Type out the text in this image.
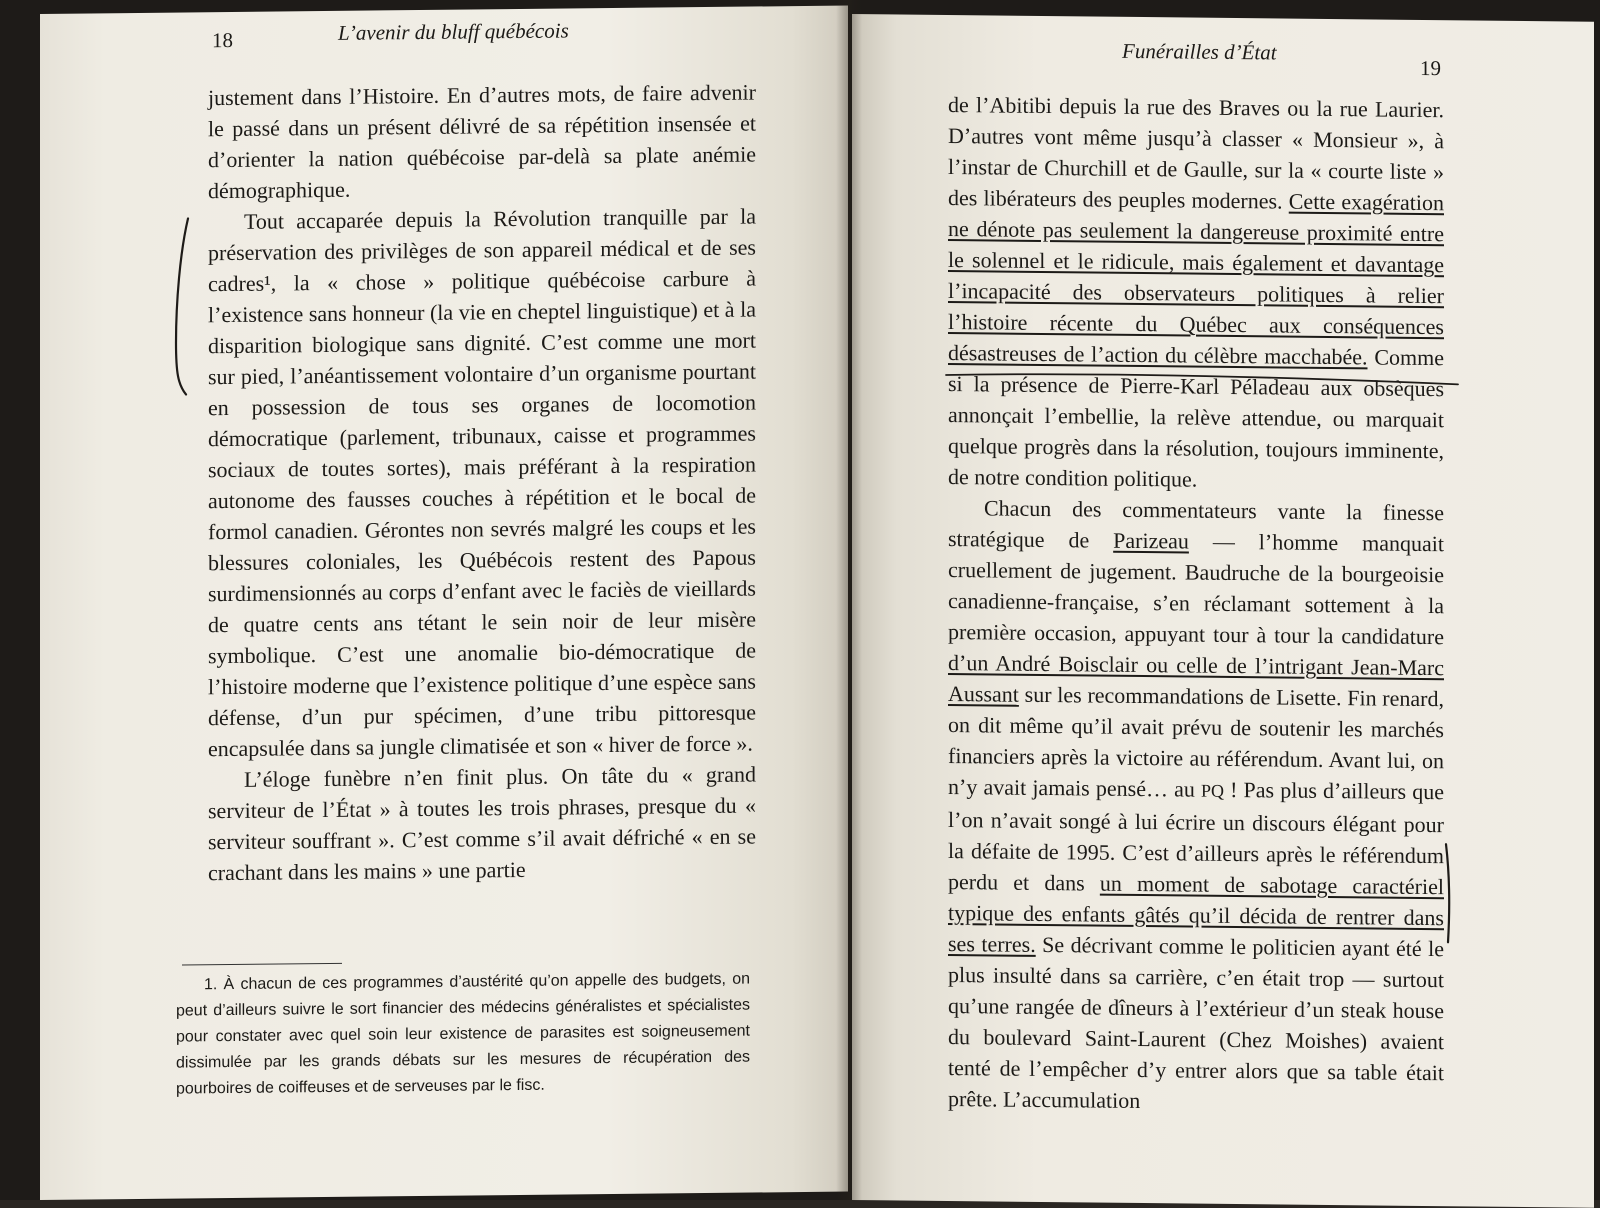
18	L’avenir du bluff québécois

justement dans l’Histoire. En d’autres mots, de faire advenir le passé dans un présent délivré de sa répétition insensée et d’orienter la nation québécoise par-delà sa plate anémie démographique.

Tout accaparée depuis la Révolution tranquille par la préservation des privilèges de son appareil médical et de ses cadres¹, la « chose » politique québécoise carbure à l’existence sans honneur (la vie en cheptel linguistique) et à la disparition biologique sans dignité. C’est comme une mort sur pied, l’anéantissement volontaire d’un organisme pourtant en possession de tous ses organes de locomotion démocratique (parlement, tribunaux, caisse et programmes sociaux de toutes sortes), mais préférant à la respiration autonome des fausses couches à répétition et le bocal de formol canadien. Gérontes non sevrés malgré les coups et les blessures coloniales, les Québécois restent des Papous surdimensionnés au corps d’enfant avec le faciès de vieillards de quatre cents ans tétant le sein noir de leur misère symbolique. C’est une anomalie bio-démocratique de l’histoire moderne que l’existence politique d’une espèce sans défense, d’un pur spécimen, d’une tribu pittoresque encapsulée dans sa jungle climatisée et son « hiver de force ».

L’éloge funèbre n’en finit plus. On tâte du « grand serviteur de l’État » à toutes les trois phrases, presque du « serviteur souffrant ». C’est comme s’il avait défriché « en se crachant dans les mains » une partie

1. À chacun de ces programmes d’austérité qu’on appelle des budgets, on peut d’ailleurs suivre le sort financier des médecins généralistes et spécialistes pour constater avec quel soin leur existence de parasites est soigneusement dissimulée par les grands débats sur les mesures de récupération des pourboires de coiffeuses et de serveuses par le fisc.
Funérailles d’État
19

de l’Abitibi depuis la rue des Braves ou la rue Laurier. D’autres vont même jusqu’à classer « Monsieur », à l’instar de Churchill et de Gaulle, sur la « courte liste » des libérateurs des peuples modernes. Cette exagération ne dénote pas seulement la dangereuse proximité entre le solennel et le ridicule, mais également et davantage l’incapacité des observateurs politiques à relier l’histoire récente du Québec aux conséquences désastreuses de l’action du célèbre macchabée. Comme si la présence de Pierre-Karl Péladeau aux obsèques annonçait l’embellie, la relève attendue, ou marquait quelque progrès dans la résolution, toujours imminente, de notre condition politique.

Chacun des commentateurs vante la finesse stratégique de Parizeau — l’homme manquait cruellement de jugement. Baudruche de la bourgeoisie canadienne-française, s’en réclamant sottement à la première occasion, appuyant tour à tour la candidature d’un André Boisclair ou celle de l’intrigant Jean-Marc Aussant sur les recommandations de Lisette. Fin renard, on dit même qu’il avait prévu de soutenir les marchés financiers après la victoire au référendum. Avant lui, on n’y avait jamais pensé… au PQ ! Pas plus d’ailleurs que l’on n’avait songé à lui écrire un discours élégant pour la défaite de 1995. C’est d’ailleurs après le référendum perdu et dans un moment de sabotage caractériel typique des enfants gâtés qu’il décida de rentrer dans ses terres. Se décrivant comme le politicien ayant été le plus insulté dans sa carrière, c’en était trop — surtout qu’une rangée de dîneurs à l’extérieur d’un steak house du boulevard Saint-Laurent (Chez Moishes) avaient tenté de l’empêcher d’y entrer alors que sa table était prête. L’accumulation
